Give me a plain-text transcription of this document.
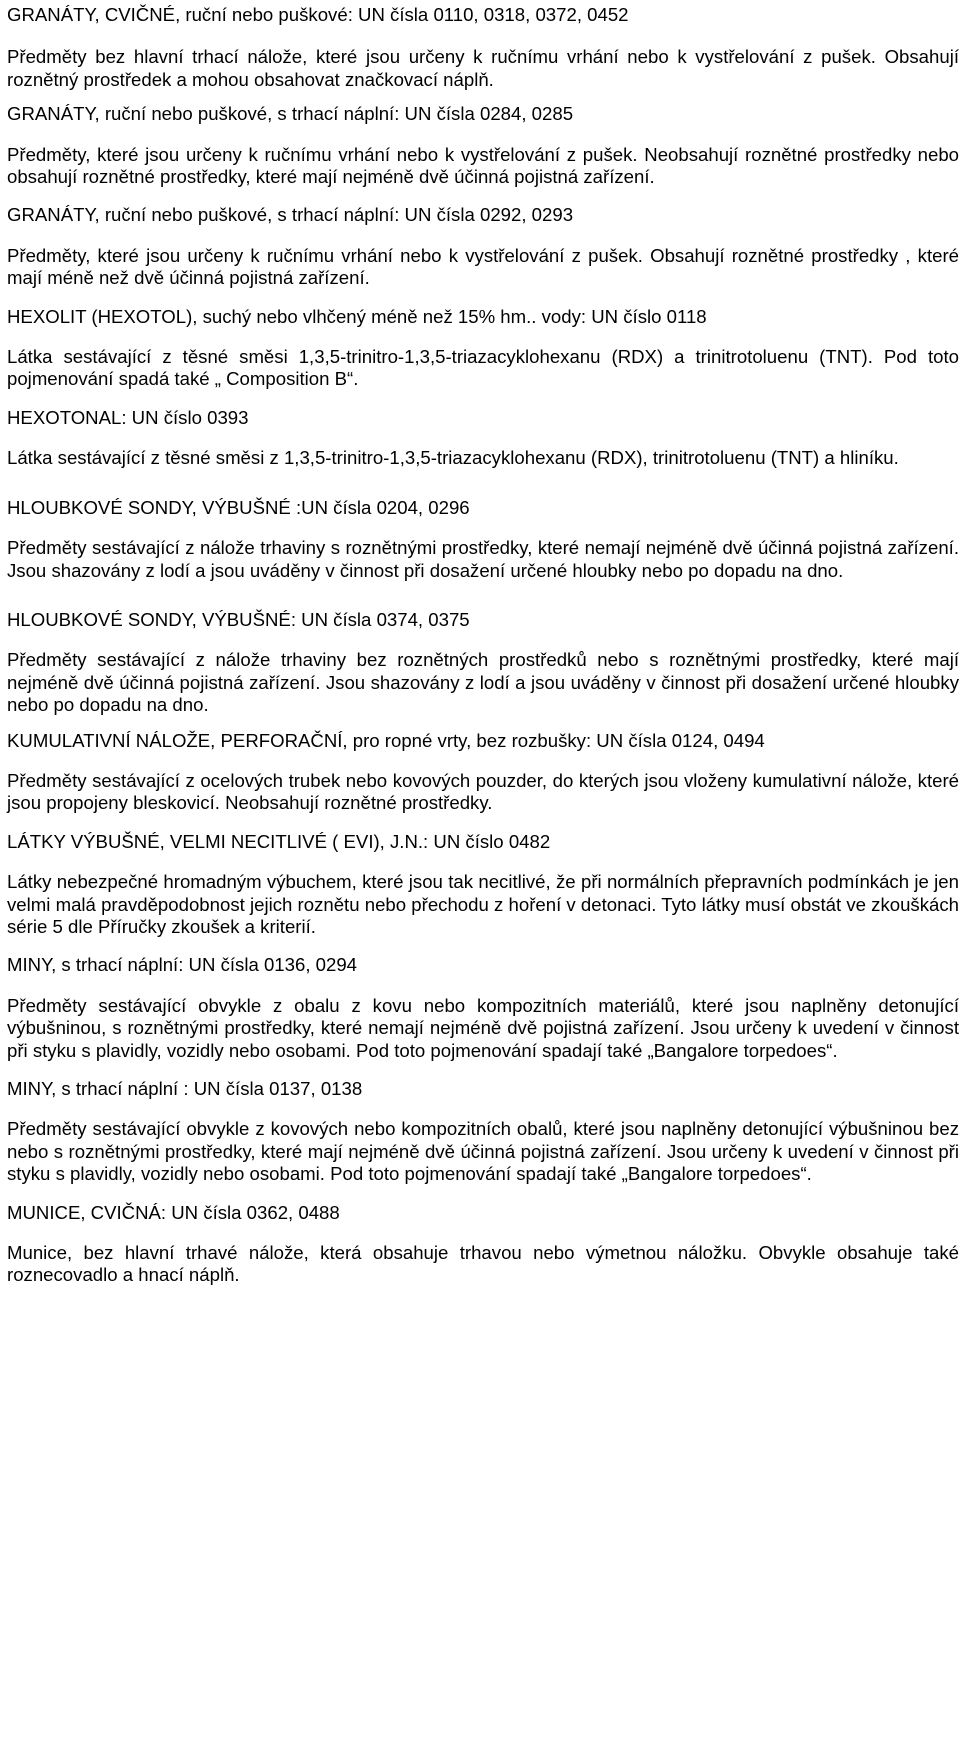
GRANÁTY, CVIČNÉ, ruční nebo puškové: UN čísla 0110, 0318, 0372, 0452

Předměty bez hlavní trhací nálože, které jsou určeny k ručnímu vrhání nebo k vystřelování z pušek. Obsahují roznětný prostředek a mohou obsahovat značkovací náplň.

GRANÁTY, ruční nebo puškové, s trhací náplní: UN čísla 0284, 0285

Předměty, které jsou určeny k ručnímu vrhání nebo k vystřelování z pušek. Neobsahují roznětné prostředky nebo obsahují roznětné prostředky, které mají nejméně dvě účinná pojistná zařízení.

GRANÁTY, ruční nebo puškové, s trhací náplní: UN čísla 0292, 0293

Předměty, které jsou určeny k ručnímu vrhání nebo k vystřelování z pušek. Obsahují roznětné prostředky , které mají méně než dvě účinná pojistná zařízení.

HEXOLIT (HEXOTOL), suchý nebo vlhčený méně než 15% hm.. vody: UN číslo 0118

Látka sestávající z těsné směsi 1,3,5-trinitro-1,3,5-triazacyklohexanu (RDX) a trinitrotoluenu (TNT). Pod toto pojmenování spadá také „ Composition B“.

HEXOTONAL: UN číslo 0393

Látka sestávající z těsné směsi z 1,3,5-trinitro-1,3,5-triazacyklohexanu (RDX), trinitrotoluenu (TNT) a hliníku.

HLOUBKOVÉ SONDY, VÝBUŠNÉ :UN čísla 0204, 0296

Předměty sestávající z nálože trhaviny s roznětnými prostředky, které nemají nejméně dvě účinná pojistná zařízení. Jsou shazovány z lodí a jsou uváděny v činnost při dosažení určené hloubky nebo po dopadu na dno.

HLOUBKOVÉ SONDY, VÝBUŠNÉ: UN čísla 0374, 0375

Předměty sestávající z nálože trhaviny bez roznětných prostředků nebo s roznětnými prostředky, které mají nejméně dvě účinná pojistná zařízení. Jsou shazovány z lodí a jsou uváděny v činnost při dosažení určené hloubky nebo po dopadu na dno.

KUMULATIVNÍ NÁLOŽE, PERFORAČNÍ, pro ropné vrty, bez rozbušky: UN čísla 0124, 0494

Předměty sestávající z ocelových trubek nebo kovových pouzder, do kterých jsou vloženy kumulativní nálože, které jsou propojeny bleskovicí. Neobsahují roznětné prostředky.

LÁTKY VÝBUŠNÉ, VELMI NECITLIVÉ ( EVI), J.N.: UN číslo 0482

Látky nebezpečné hromadným výbuchem, které jsou tak necitlivé, že při normálních přepravních podmínkách je jen velmi malá pravděpodobnost jejich roznětu nebo přechodu z hoření v detonaci. Tyto látky musí obstát ve zkouškách série 5 dle Příručky zkoušek a kriterií.

MINY, s trhací náplní: UN čísla 0136, 0294

Předměty sestávající obvykle z obalu z kovu nebo kompozitních materiálů, které jsou naplněny detonující výbušninou, s roznětnými prostředky, které nemají nejméně dvě pojistná zařízení. Jsou určeny k uvedení v činnost při styku s plavidly, vozidly nebo osobami. Pod toto pojmenování spadají také „Bangalore torpedoes“.

MINY, s trhací náplní : UN čísla 0137, 0138

Předměty sestávající obvykle z kovových nebo kompozitních obalů, které jsou naplněny detonující výbušninou bez nebo s roznětnými prostředky, které mají nejméně dvě účinná pojistná zařízení. Jsou určeny k uvedení v činnost při styku s plavidly, vozidly nebo osobami. Pod toto pojmenování spadají také „Bangalore torpedoes“.

MUNICE, CVIČNÁ: UN čísla 0362, 0488

Munice, bez hlavní trhavé nálože, která obsahuje trhavou nebo výmetnou náložku. Obvykle obsahuje také roznecovadlo a hnací náplň.
